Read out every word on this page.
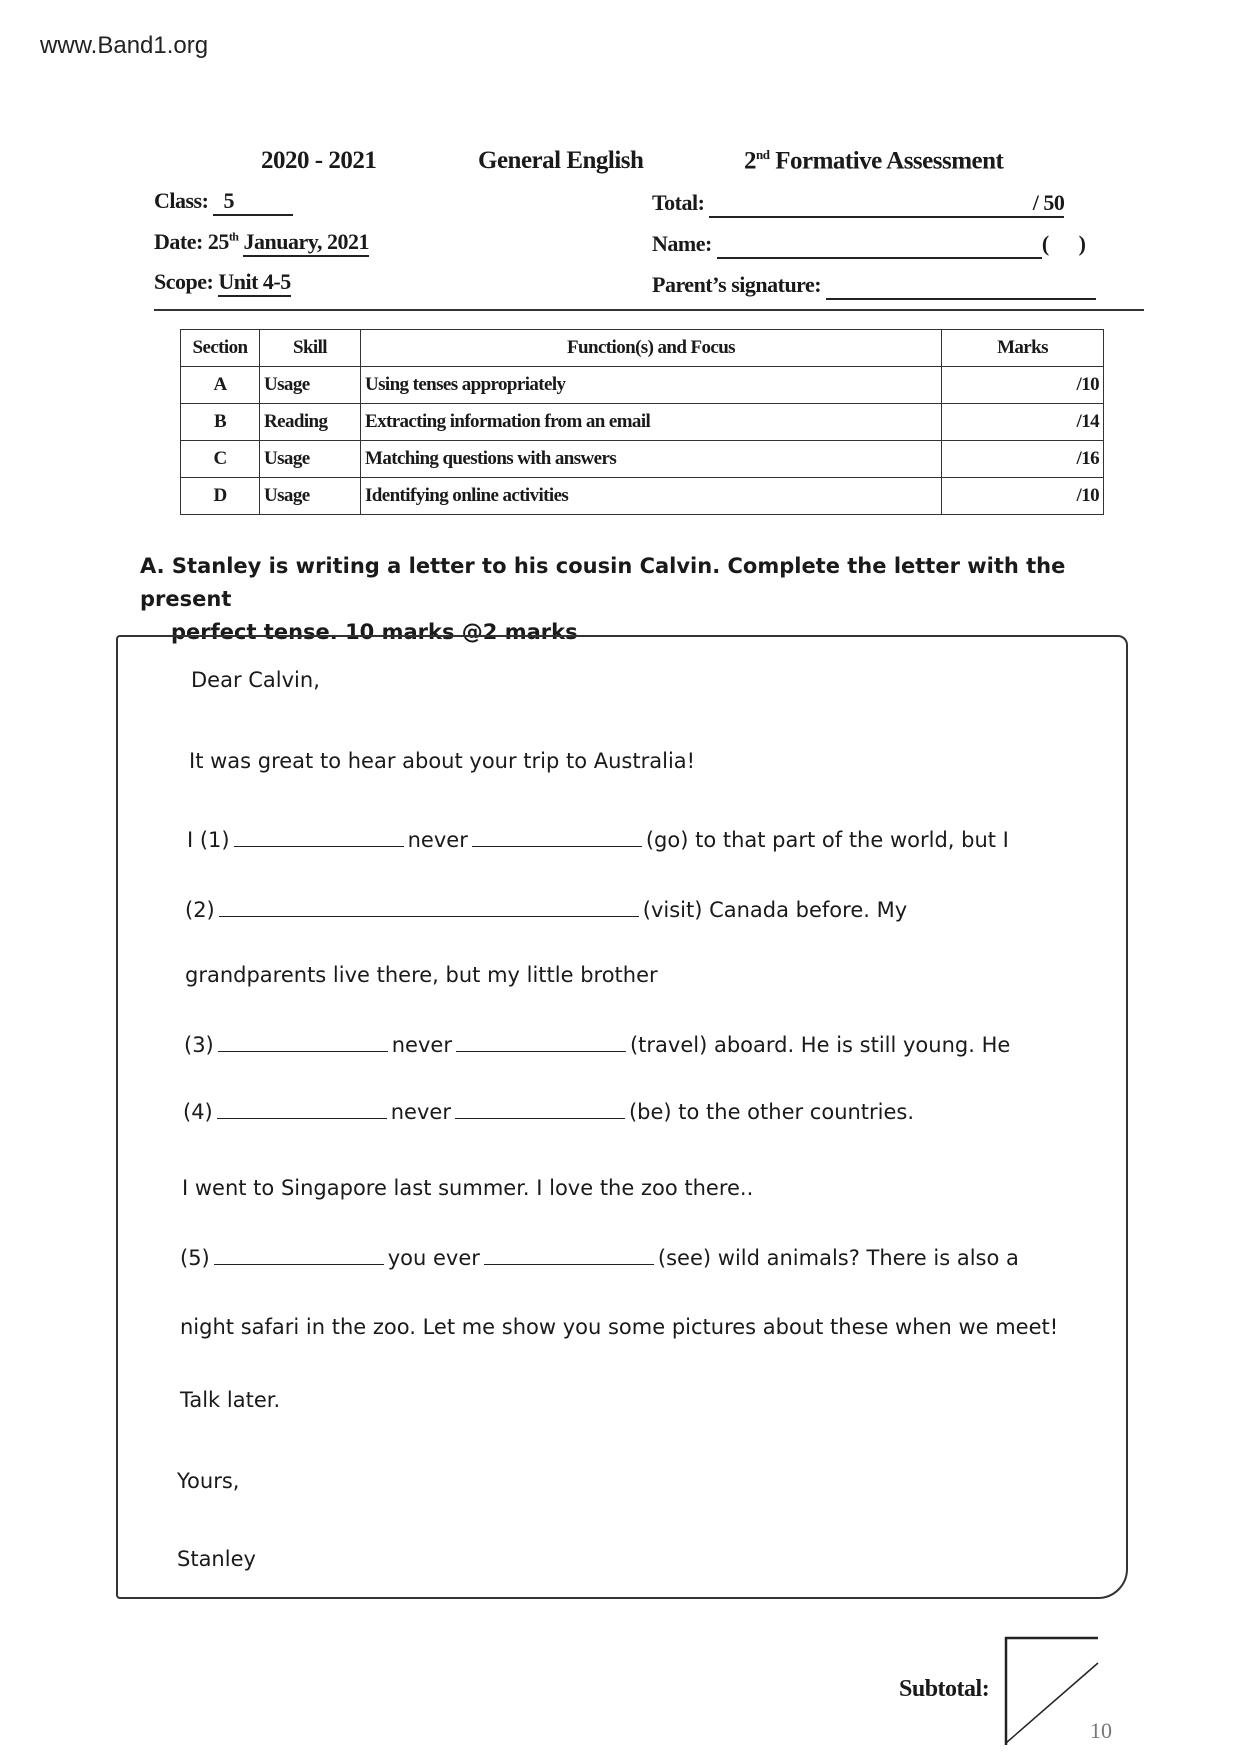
www.Band1.org
2020 - 2021	General English	2nd Formative Assessment
Class: 5
Date: 25th January, 2021
Scope: Unit 4-5
Total:	/ 50
Name:	(      )
Parent’s signature:
Section	Skill	Function(s) and Focus	Marks
A	Usage	Using tenses appropriately	/10
B	Reading	Extracting information from an email	/14
C	Usage	Matching questions with answers	/16
D	Usage	Identifying online activities	/10
A. Stanley is writing a letter to his cousin Calvin. Complete the letter with the present
perfect tense. 10 marks @2 marks
Dear Calvin,
It was great to hear about your trip to Australia!
I (1)	never	(go) to that part of the world, but I
(2)	(visit) Canada before. My
grandparents live there, but my little brother
(3)	never	(travel) aboard. He is still young. He
(4)	never	(be) to the other countries.
I went to Singapore last summer. I love the zoo there..
(5)	you ever	(see) wild animals? There is also a
night safari in the zoo. Let me show you some pictures about these when we meet!
Talk later.
Yours,
Stanley
Subtotal:
10
